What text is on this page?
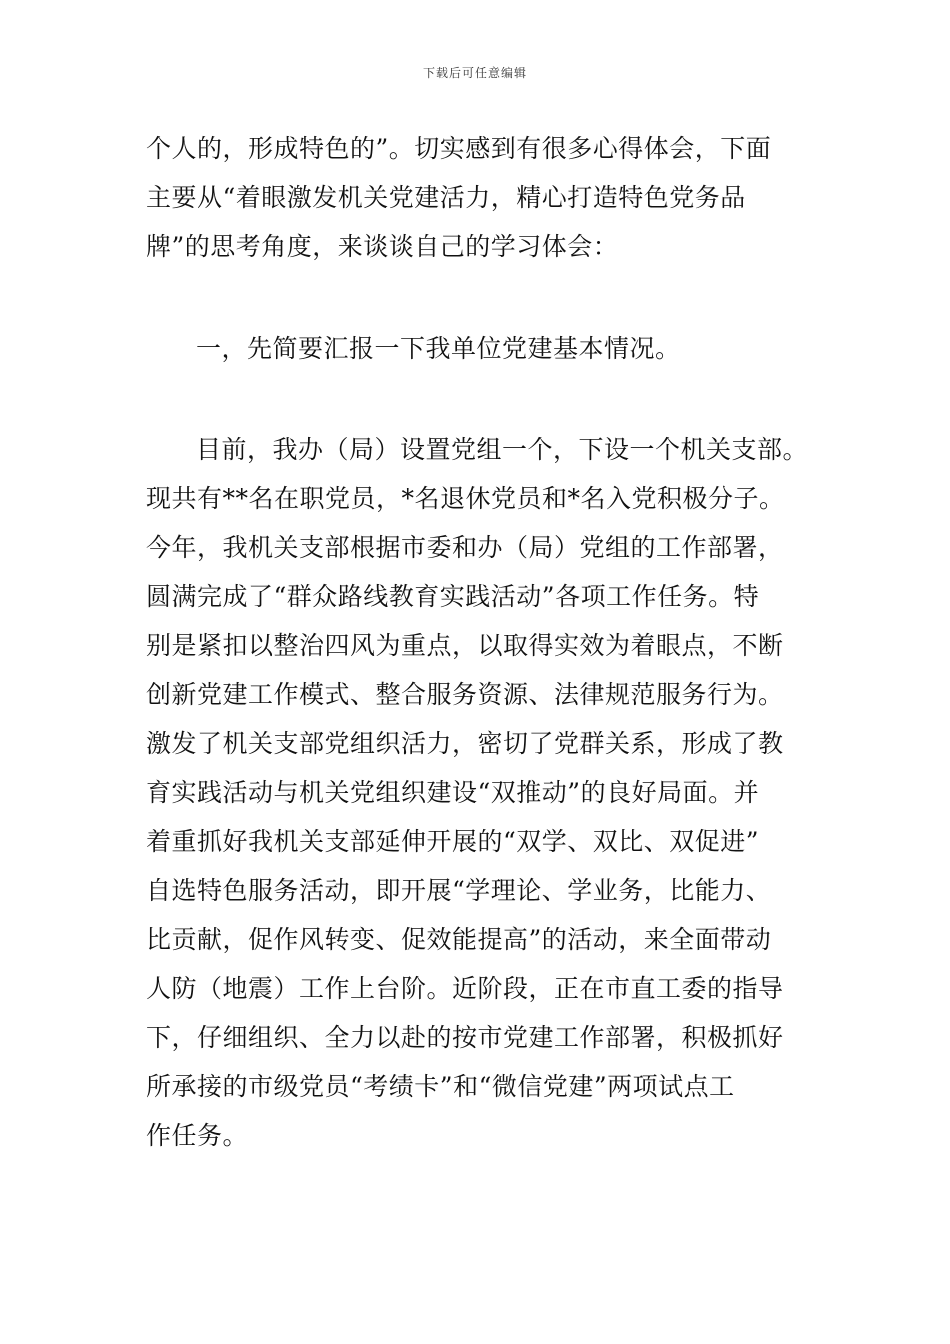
下载后可任意编辑
个人的，形成特色的”。切实感到有很多心得体会，下面
主要从“着眼激发机关党建活力，精心打造特色党务品
牌”的思考角度，来谈谈自己的学习体会：
一，先简要汇报一下我单位党建基本情况。
目前，我办（局）设置党组一个，下设一个机关支部。
现共有**名在职党员，*名退休党员和*名入党积极分子。
今年，我机关支部根据市委和办（局）党组的工作部署，
圆满完成了“群众路线教育实践活动”各项工作任务。特
别是紧扣以整治四风为重点，以取得实效为着眼点，不断
创新党建工作模式、整合服务资源、法律规范服务行为。
激发了机关支部党组织活力，密切了党群关系，形成了教
育实践活动与机关党组织建设“双推动”的良好局面。并
着重抓好我机关支部延伸开展的“双学、双比、双促进”
自选特色服务活动，即开展“学理论、学业务，比能力、
比贡献，促作风转变、促效能提高”的活动，来全面带动
人防（地震）工作上台阶。近阶段，正在市直工委的指导
下，仔细组织、全力以赴的按市党建工作部署，积极抓好
所承接的市级党员“考绩卡”和“微信党建”两项试点工
作任务。
